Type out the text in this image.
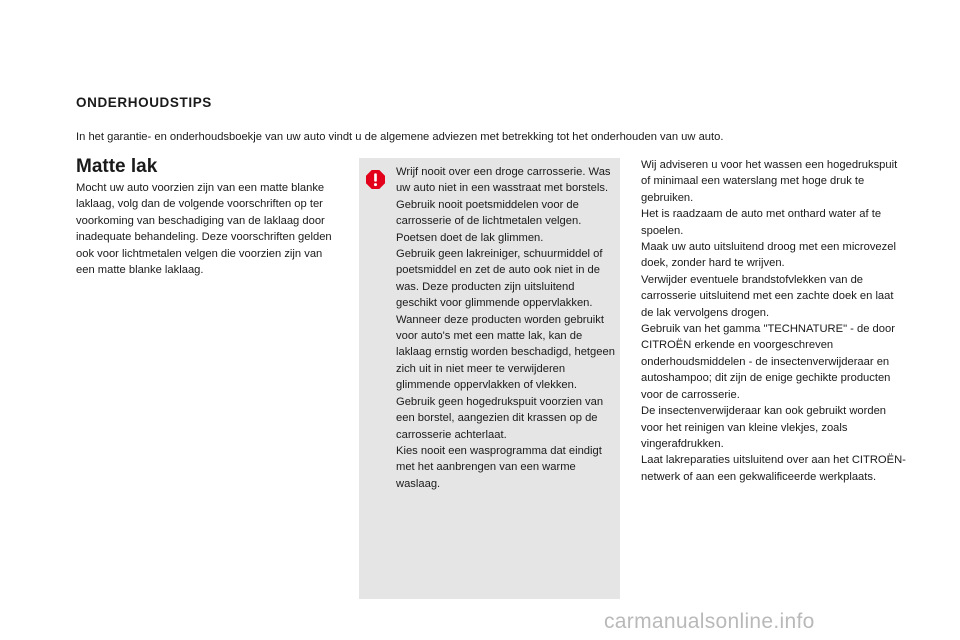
ONDERHOUDSTIPS
In het garantie- en onderhoudsboekje van uw auto vindt u de algemene adviezen met betrekking tot het onderhouden van uw auto.
Matte lak

Mocht uw auto voorzien zijn van een matte blanke laklaag, volg dan de volgende voorschriften op ter voorkoming van beschadiging van de laklaag door inadequate behandeling. Deze voorschriften gelden ook voor lichtmetalen velgen die voorzien zijn van een matte blanke laklaag.

Wrijf nooit over een droge carrosserie. Was uw auto niet in een wasstraat met borstels.

Gebruik nooit poetsmiddelen voor de carrosserie of de lichtmetalen velgen.

Poetsen doet de lak glimmen.

Gebruik geen lakreiniger, schuurmiddel of poetsmiddel en zet de auto ook niet in de was. Deze producten zijn uitsluitend geschikt voor glimmende oppervlakken. Wanneer deze producten worden gebruikt voor auto's met een matte lak, kan de laklaag ernstig worden beschadigd, hetgeen zich uit in niet meer te verwijderen glimmende oppervlakken of vlekken.

Gebruik geen hogedrukspuit voorzien van een borstel, aangezien dit krassen op de carrosserie achterlaat.

Kies nooit een wasprogramma dat eindigt met het aanbrengen van een warme waslaag.

Wij adviseren u voor het wassen een hogedrukspuit of minimaal een waterslang met hoge druk te gebruiken.

Het is raadzaam de auto met onthard water af te spoelen.

Maak uw auto uitsluitend droog met een microvezel doek, zonder hard te wrijven.

Verwijder eventuele brandstofvlekken van de carrosserie uitsluitend met een zachte doek en laat de lak vervolgens drogen.

Gebruik van het gamma "TECHNATURE" - de door CITROËN erkende en voorgeschreven onderhoudsmiddelen - de insectenverwijderaar en autoshampoo; dit zijn de enige gechikte producten voor de carrosserie.

De insectenverwijderaar kan ook gebruikt worden voor het reinigen van kleine vlekjes, zoals vingerafdrukken.

Laat lakreparaties uitsluitend over aan het CITROËN-netwerk of aan een gekwalificeerde werkplaats.

carmanualsonline.info
